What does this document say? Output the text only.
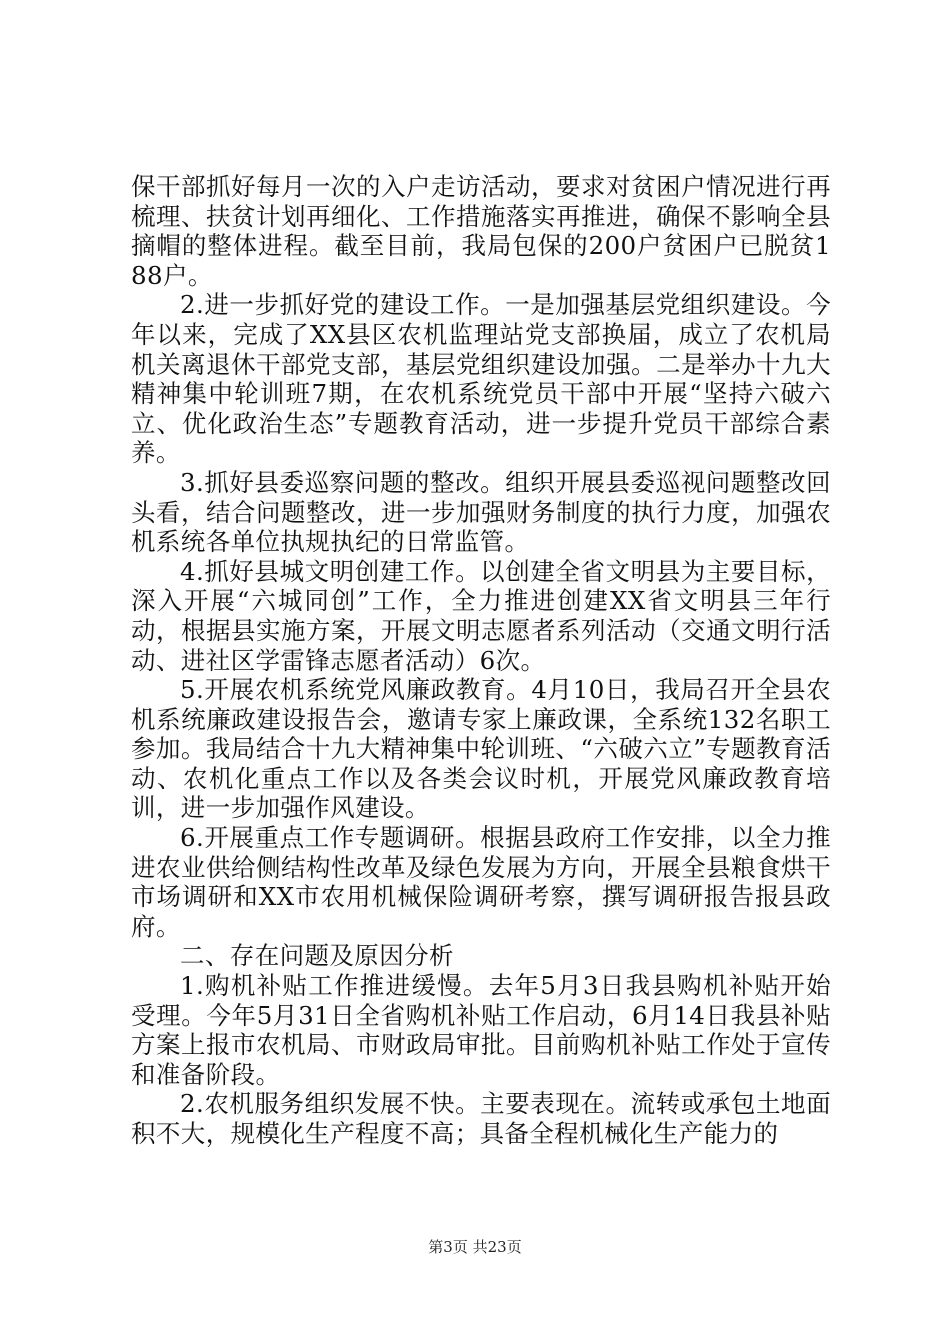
保干部抓好每月一次的入户走访活动，要求对贫困户情况进行再梳理、扶贫计划再细化、工作措施落实再推进，确保不影响全县摘帽的整体进程。截至目前，我局包保的200户贫困户已脱贫188户。

2.进一步抓好党的建设工作。一是加强基层党组织建设。今年以来，完成了XX县区农机监理站党支部换届，成立了农机局机关离退休干部党支部，基层党组织建设加强。二是举办十九大精神集中轮训班7期，在农机系统党员干部中开展“坚持六破六立、优化政治生态”专题教育活动，进一步提升党员干部综合素养。

3.抓好县委巡察问题的整改。组织开展县委巡视问题整改回头看，结合问题整改，进一步加强财务制度的执行力度，加强农机系统各单位执规执纪的日常监管。

4.抓好县城文明创建工作。以创建全省文明县为主要目标，深入开展“六城同创”工作，全力推进创建XX省文明县三年行动，根据县实施方案，开展文明志愿者系列活动（交通文明行活动、进社区学雷锋志愿者活动）6次。

5.开展农机系统党风廉政教育。4月10日，我局召开全县农机系统廉政建设报告会，邀请专家上廉政课，全系统132名职工参加。我局结合十九大精神集中轮训班、“六破六立”专题教育活动、农机化重点工作以及各类会议时机，开展党风廉政教育培训，进一步加强作风建设。

6.开展重点工作专题调研。根据县政府工作安排，以全力推进农业供给侧结构性改革及绿色发展为方向，开展全县粮食烘干市场调研和XX市农用机械保险调研考察，撰写调研报告报县政府。

二、存在问题及原因分析

1.购机补贴工作推进缓慢。去年5月3日我县购机补贴开始受理。今年5月31日全省购机补贴工作启动，6月14日我县补贴方案上报市农机局、市财政局审批。目前购机补贴工作处于宣传和准备阶段。

2.农机服务组织发展不快。主要表现在。流转或承包土地面积不大，规模化生产程度不高；具备全程机械化生产能力的

第3页 共23页
